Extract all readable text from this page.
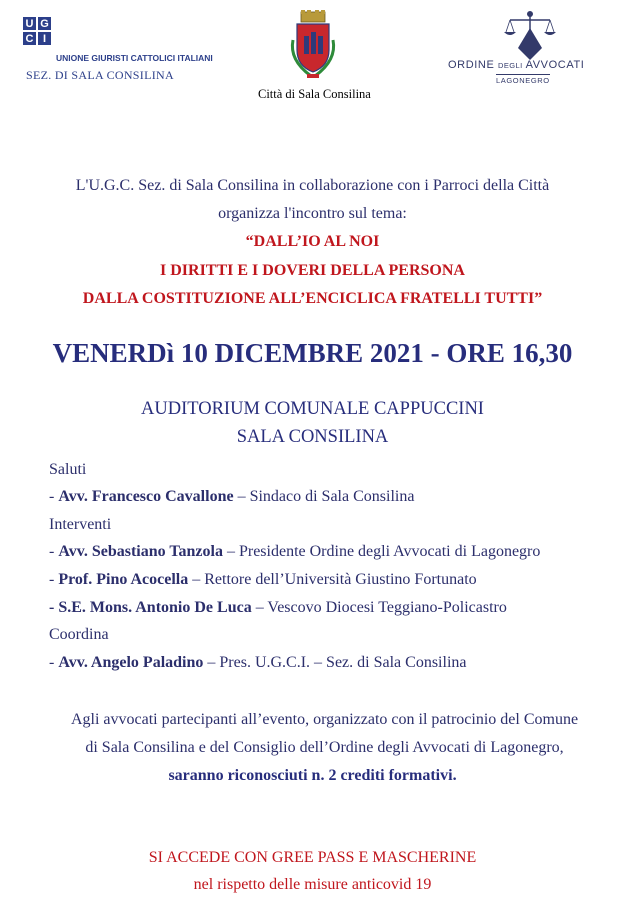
U G
C I
UNIONE GIURISTI CATTOLICI ITALIANI
SEZ. DI SALA CONSILINA
Città di Sala Consilina
ORDINE DEGLI AVVOCATI
LAGONEGRO
L'U.G.C. Sez. di Sala Consilina in collaborazione con i Parroci della Città
organizza l'incontro sul tema:
“DALL’IO AL NOI
I DIRITTI E I DOVERI DELLA PERSONA
DALLA COSTITUZIONE ALL’ENCICLICA FRATELLI TUTTI”
VENERDì 10 DICEMBRE 2021 - ORE 16,30
AUDITORIUM COMUNALE CAPPUCCINI
SALA CONSILINA
Saluti
- Avv. Francesco Cavallone – Sindaco di Sala Consilina
Interventi
- Avv. Sebastiano Tanzola – Presidente Ordine degli Avvocati di Lagonegro
- Prof. Pino Acocella – Rettore dell’Università Giustino Fortunato
- S.E. Mons. Antonio De Luca – Vescovo Diocesi Teggiano-Policastro
Coordina
- Avv. Angelo Paladino – Pres. U.G.C.I. – Sez. di Sala Consilina
Agli avvocati partecipanti all’evento, organizzato con il patrocinio del Comune
di Sala Consilina e del Consiglio dell’Ordine degli Avvocati di Lagonegro,
saranno riconosciuti n. 2 crediti formativi.
SI ACCEDE CON GREE PASS E MASCHERINE
nel rispetto delle misure anticovid 19
